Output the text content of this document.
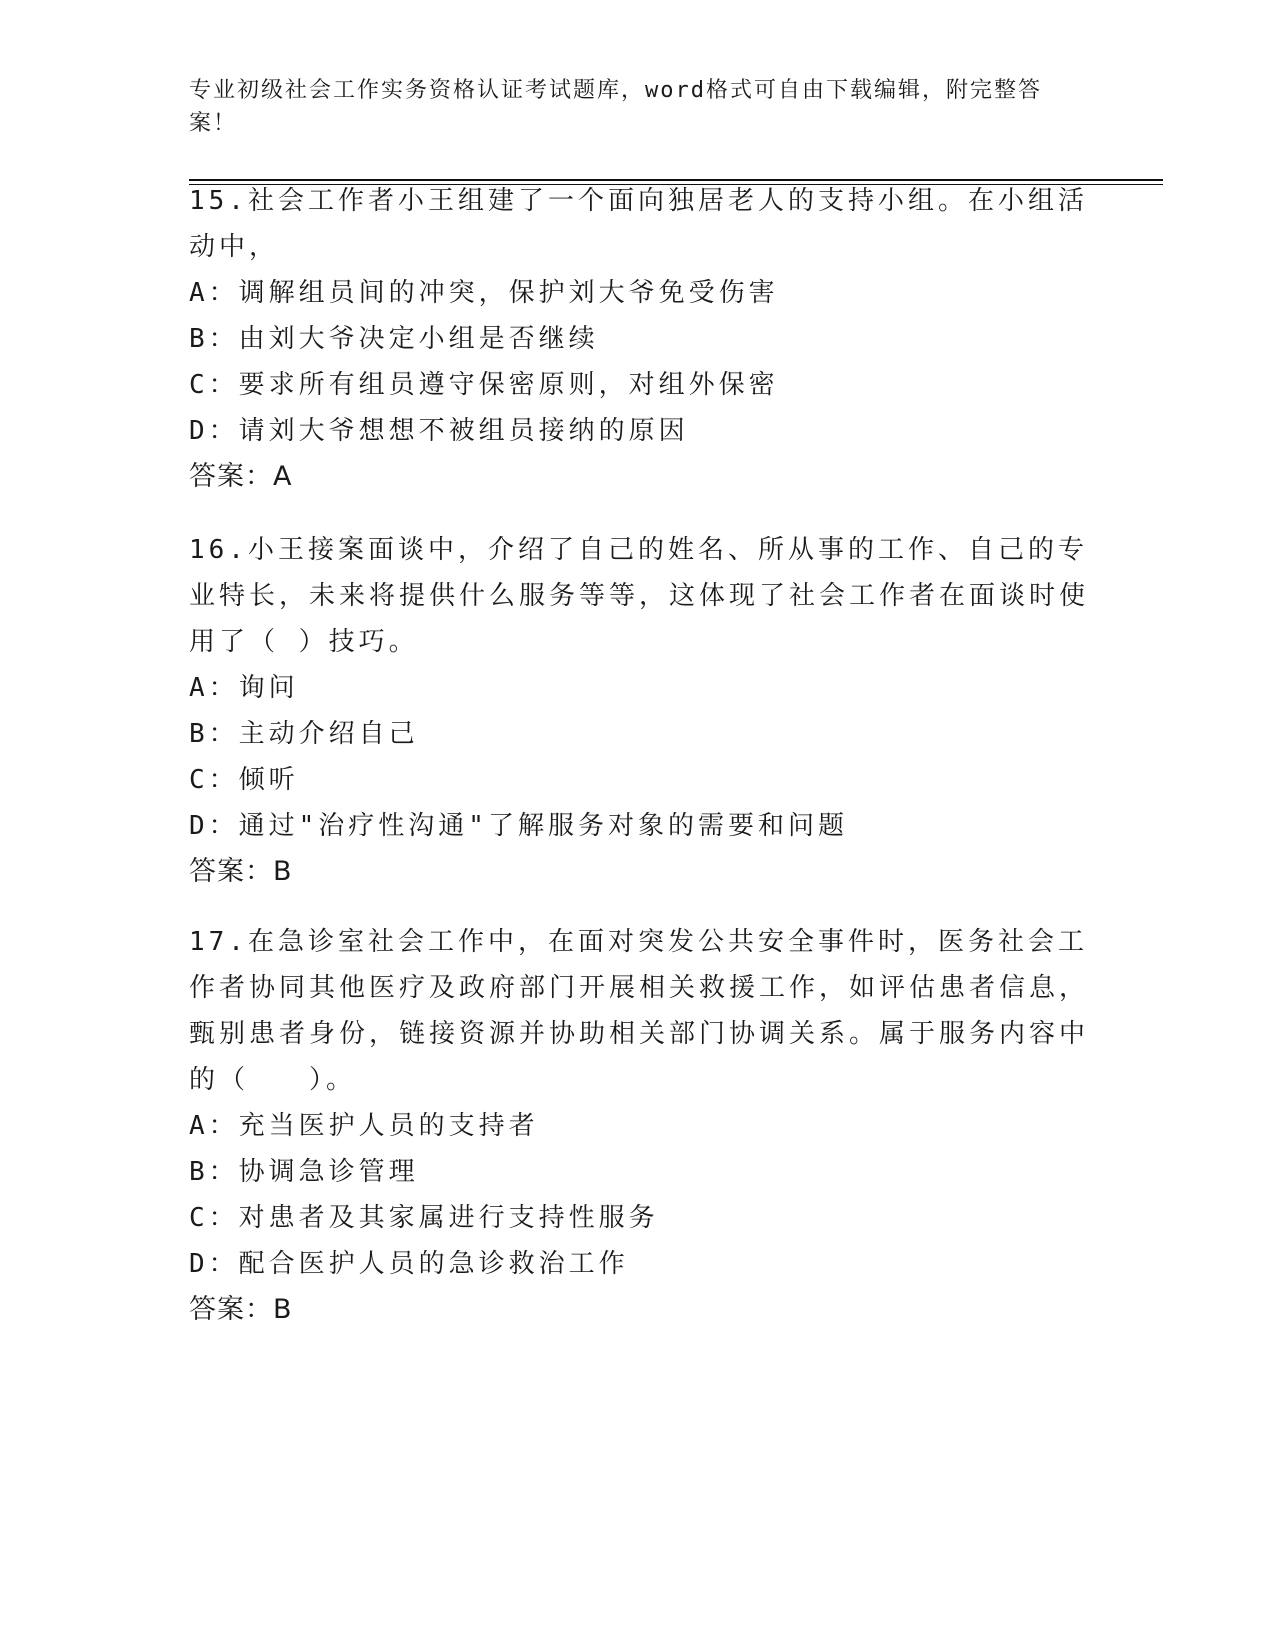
专业初级社会工作实务资格认证考试题库，word格式可自由下载编辑，附完整答案！

15.社会工作者小王组建了一个面向独居老人的支持小组。在小组活动中，

A：调解组员间的冲突，保护刘大爷免受伤害

B：由刘大爷决定小组是否继续

C：要求所有组员遵守保密原则，对组外保密

D：请刘大爷想想不被组员接纳的原因

答案：A

16.小王接案面谈中，介绍了自己的姓名、所从事的工作、自己的专业特长，未来将提供什么服务等等，这体现了社会工作者在面谈时使用了（ ）技巧。

A：询问

B：主动介绍自己

C：倾听

D：通过"治疗性沟通"了解服务对象的需要和问题

答案：B

17.在急诊室社会工作中，在面对突发公共安全事件时，医务社会工作者协同其他医疗及政府部门开展相关救援工作，如评估患者信息，甄别患者身份，链接资源并协助相关部门协调关系。属于服务内容中的（　　）。

A：充当医护人员的支持者

B：协调急诊管理

C：对患者及其家属进行支持性服务

D：配合医护人员的急诊救治工作

答案：B
